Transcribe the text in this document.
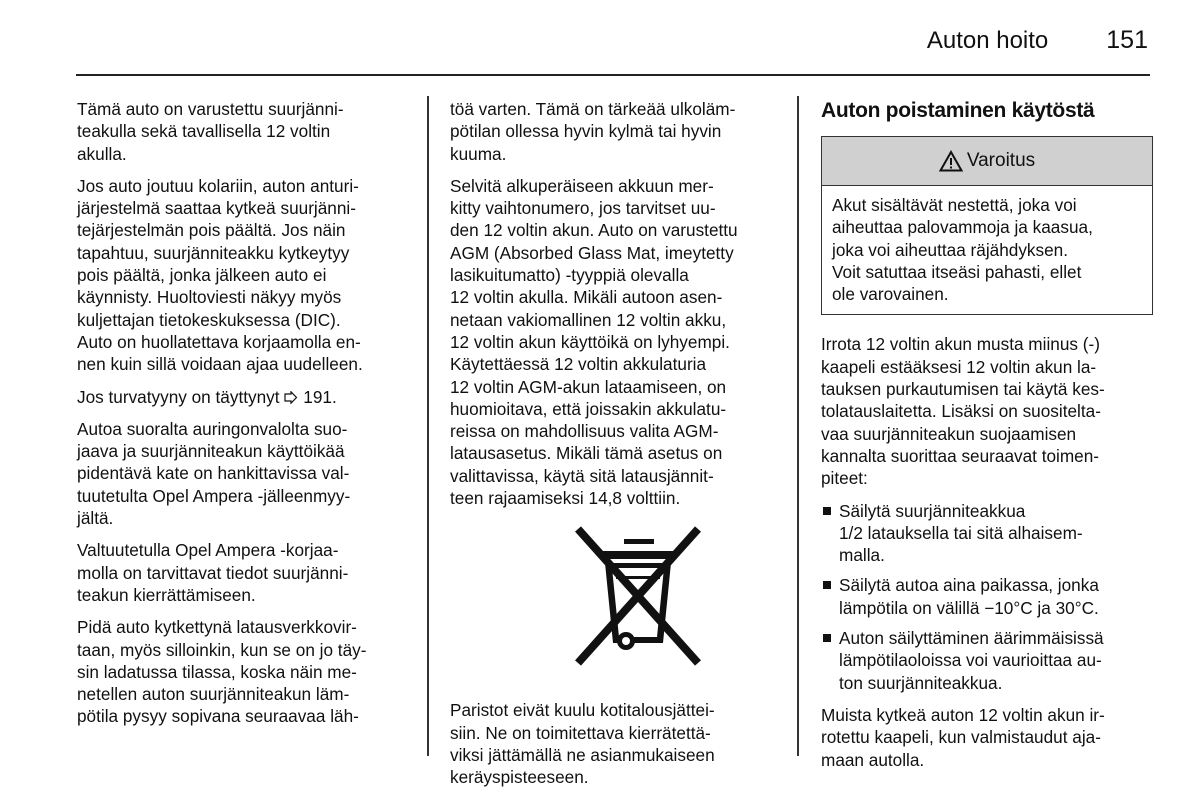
Auton hoito 151

Tämä auto on varustettu suurjänni-
teakulla sekä tavallisella 12 voltin
akulla.

Jos auto joutuu kolariin, auton anturi-
järjestelmä saattaa kytkeä suurjänni-
tejärjestelmän pois päältä. Jos näin
tapahtuu, suurjänniteakku kytkeytyy
pois päältä, jonka jälkeen auto ei
käynnisty. Huoltoviesti näkyy myös
kuljettajan tietokeskuksessa (DIC).
Auto on huollatettava korjaamolla en-
nen kuin sillä voidaan ajaa uudelleen.

Jos turvatyyny on täyttynyt 191.

Autoa suoralta auringonvalolta suo-
jaava ja suurjänniteakun käyttöikää
pidentävä kate on hankittavissa val-
tuutetulta Opel Ampera -jälleenmyy-
jältä.

Valtuutetulla Opel Ampera -korjaa-
molla on tarvittavat tiedot suurjänni-
teakun kierrättämiseen.

Pidä auto kytkettynä latausverkkovir-
taan, myös silloinkin, kun se on jo täy-
sin ladatussa tilassa, koska näin me-
netellen auton suurjänniteakun läm-
pötila pysyy sopivana seuraavaa läh-

töä varten. Tämä on tärkeää ulkoläm-
pötilan ollessa hyvin kylmä tai hyvin
kuuma.

Selvitä alkuperäiseen akkuun mer-
kitty vaihtonumero, jos tarvitset uu-
den 12 voltin akun. Auto on varustettu
AGM (Absorbed Glass Mat, imeytetty
lasikuitumatto) -tyyppiä olevalla
12 voltin akulla. Mikäli autoon asen-
netaan vakiomallinen 12 voltin akku,
12 voltin akun käyttöikä on lyhyempi.
Käytettäessä 12 voltin akkulaturia
12 voltin AGM-akun lataamiseen, on
huomioitava, että joissakin akkulatu-
reissa on mahdollisuus valita AGM-
latausasetus. Mikäli tämä asetus on
valittavissa, käytä sitä latausjännit-
teen rajaamiseksi 14,8 volttiin.

Paristot eivät kuulu kotitalousjättei-
siin. Ne on toimitettava kierrätettä-
viksi jättämällä ne asianmukaiseen
keräyspisteeseen.

Auton poistaminen käytöstä
Varoitus
Akut sisältävät nestettä, joka voi
aiheuttaa palovammoja ja kaasua,
joka voi aiheuttaa räjähdyksen.
Voit satuttaa itseäsi pahasti, ellet
ole varovainen.

Irrota 12 voltin akun musta miinus (-)
kaapeli estääksesi 12 voltin akun la-
tauksen purkautumisen tai käytä kes-
tolatauslaitetta. Lisäksi on suositelta-
vaa suurjänniteakun suojaamisen
kannalta suorittaa seuraavat toimen-
piteet:

Säilytä suurjänniteakkua
1/2 latauksella tai sitä alhaisem-
malla.
Säilytä autoa aina paikassa, jonka
lämpötila on välillä −10°C ja 30°C.
Auton säilyttäminen äärimmäisissä
lämpötilaoloissa voi vaurioittaa au-
ton suurjänniteakkua.

Muista kytkeä auton 12 voltin akun ir-
rotettu kaapeli, kun valmistaudut aja-
maan autolla.
